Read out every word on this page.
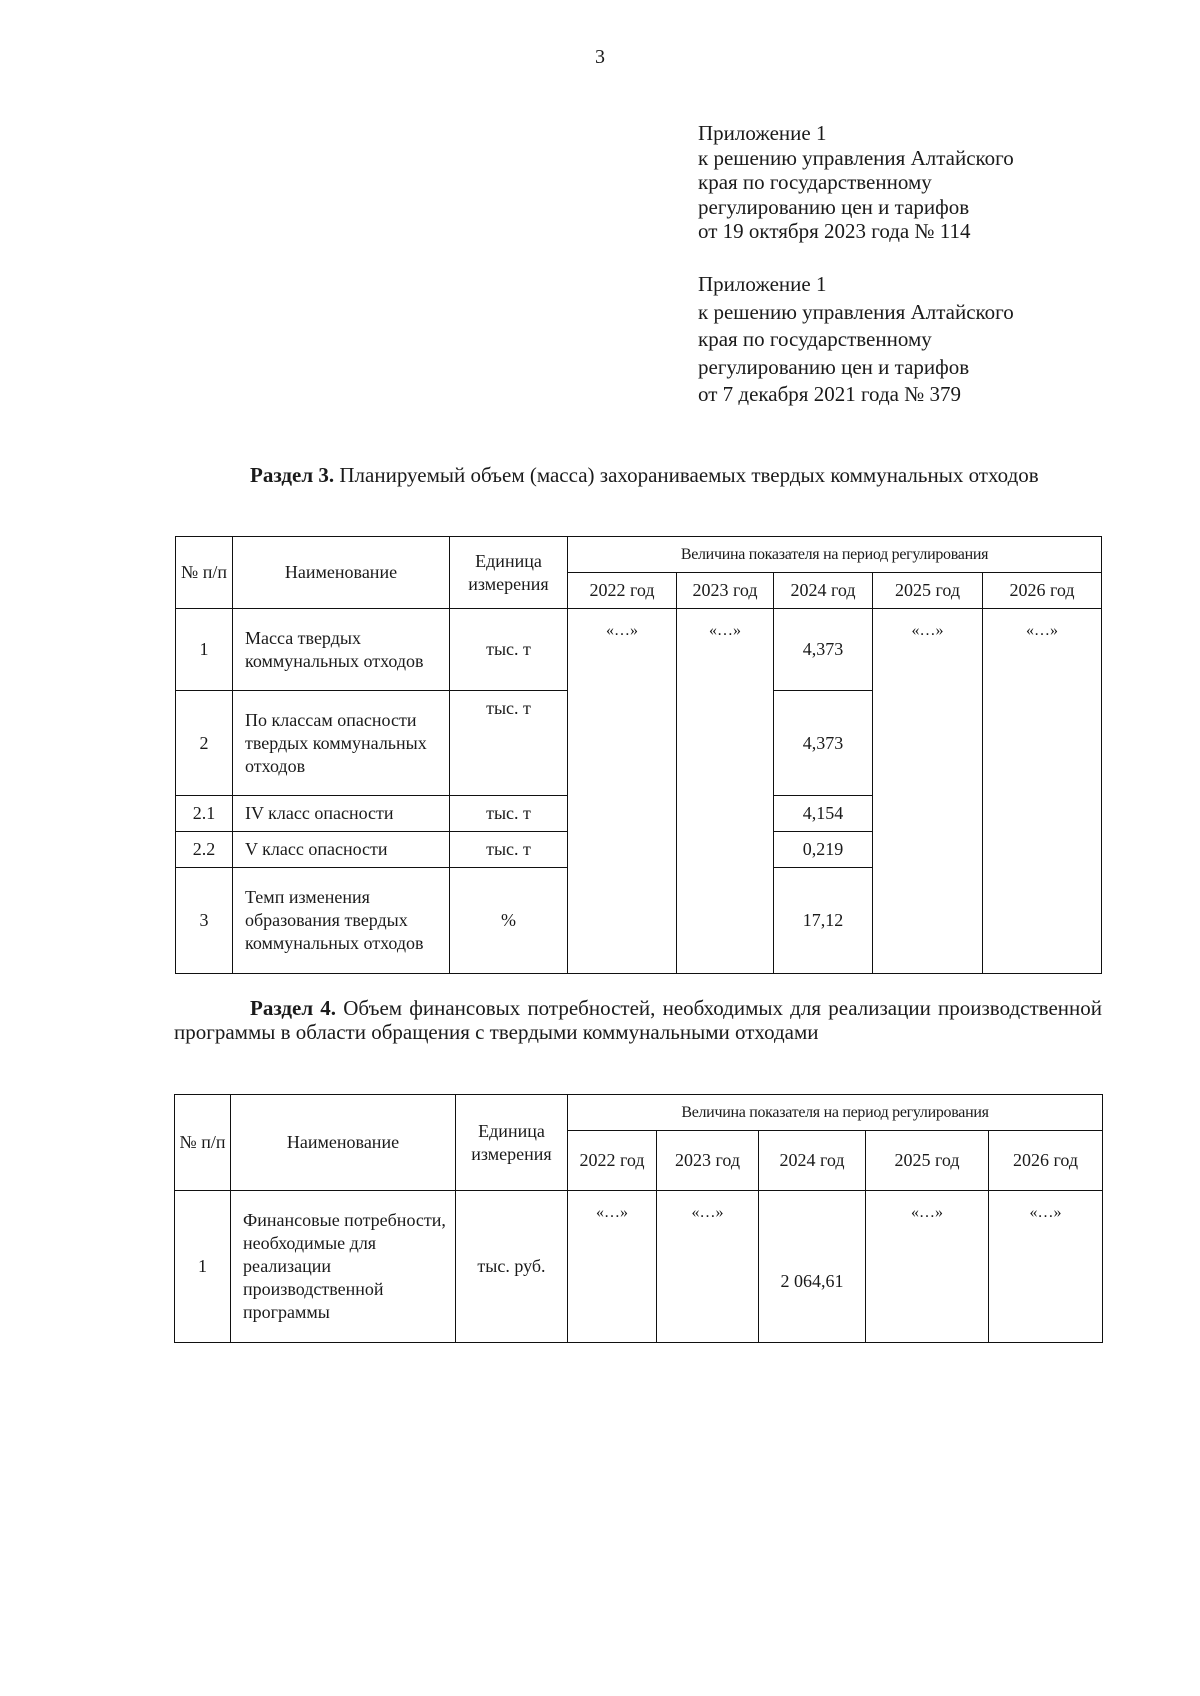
3
Приложение 1
к решению управления Алтайского
края по государственному
регулированию цен и тарифов
от 19 октября 2023 года № 114
Приложение 1
к решению управления Алтайского
края по государственному
регулированию цен и тарифов
от 7 декабря 2021 года № 379
Раздел 3. Планируемый объем (масса) захораниваемых твердых коммунальных отходов
№ п/п	Наименование	Единица измерения	Величина показателя на период регулирования				
			2022 год	2023 год	2024 год	2025 год	2026 год
1	Масса твердых коммунальных отходов	тыс. т	«…»	«…»	4,373	«…»	«…»
2	По классам опасности твердых коммунальных отходов	тыс. т			4,373		
2.1	IV класс опасности	тыс. т			4,154		
2.2	V класс опасности	тыс. т			0,219		
3	Темп изменения образования твердых коммунальных отходов	%			17,12		
Раздел 4. Объем финансовых потребностей, необходимых для реализации производственной программы в области обращения с твердыми коммунальными отходами
№ п/п	Наименование	Единица измерения	Величина показателя на период регулирования				
			2022 год	2023 год	2024 год	2025 год	2026 год
1	Финансовые потребности, необходимые для реализации производственной программы	тыс. руб.	«…»	«…»	2 064,61	«…»	«…»
